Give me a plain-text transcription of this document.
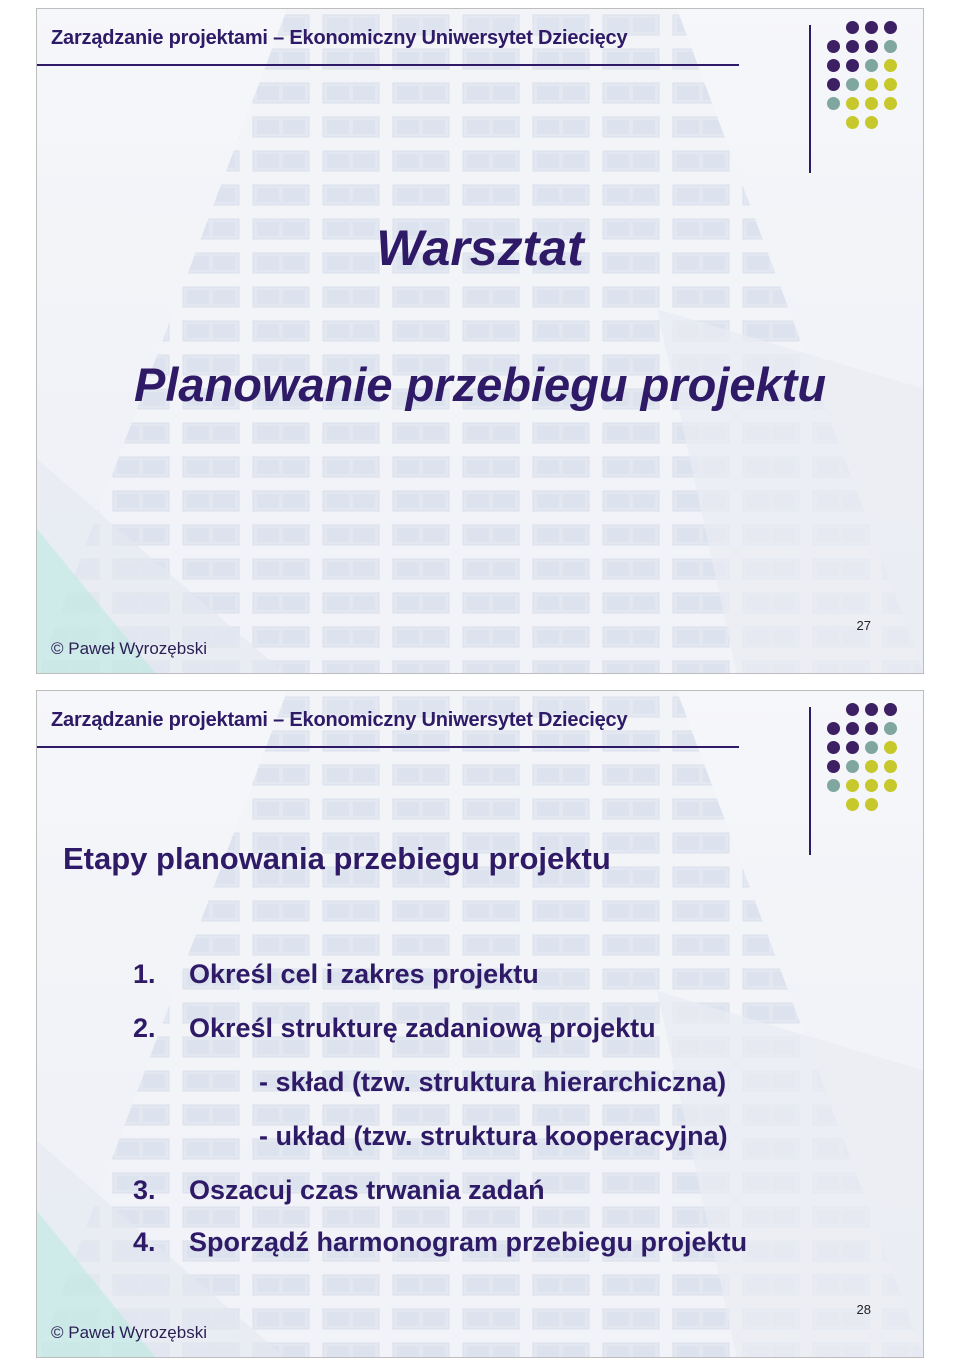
Zarządzanie projektami – Ekonomiczny Uniwersytet Dziecięcy
Warsztat
Planowanie przebiegu projektu
27
© Paweł Wyrozębski
Zarządzanie projektami – Ekonomiczny Uniwersytet Dziecięcy
Etapy planowania przebiegu projektu
1. Określ cel i zakres projektu
2. Określ strukturę zadaniową projektu
- skład (tzw. struktura hierarchiczna)
- układ (tzw. struktura kooperacyjna)
3. Oszacuj czas trwania zadań
4. Sporządź harmonogram przebiegu projektu
28
© Paweł Wyrozębski
